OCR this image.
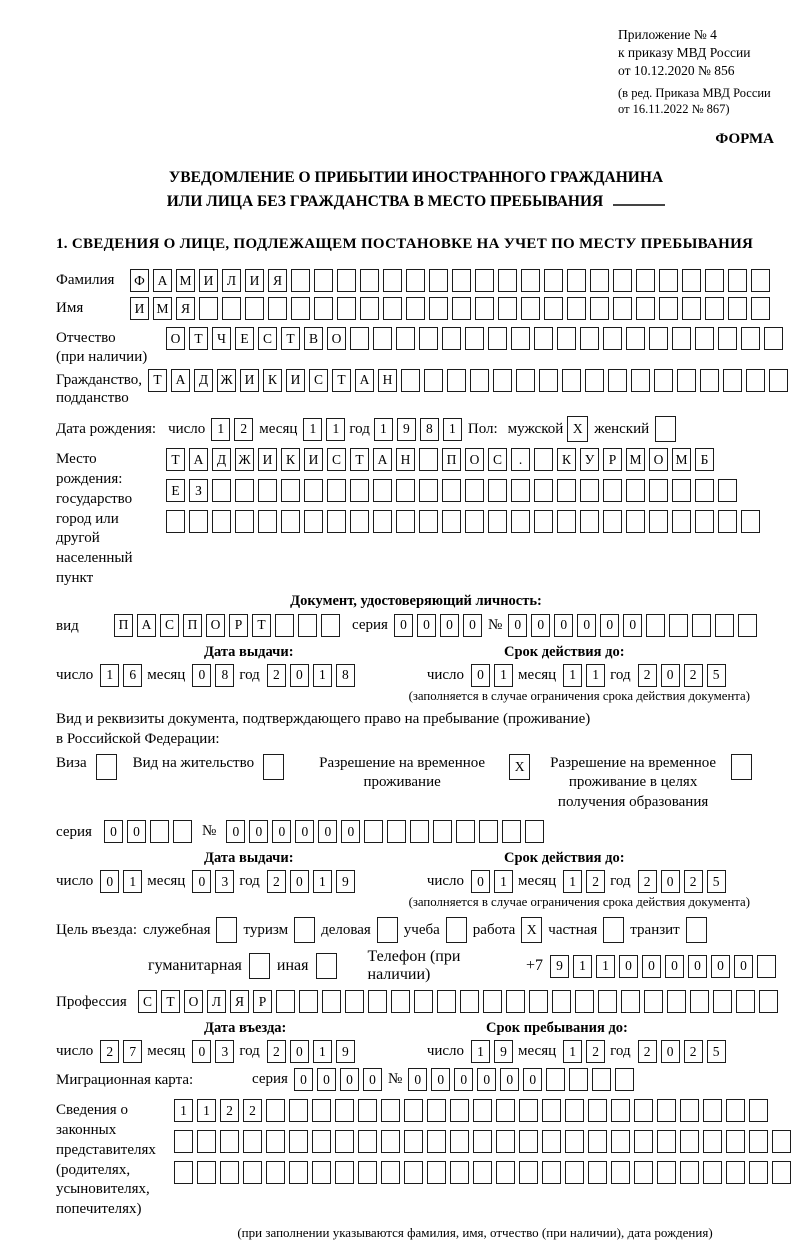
Приложение № 4
к приказу МВД России
от 10.12.2020 № 856
(в ред. Приказа МВД России
от 16.11.2022 № 867)
ФОРМА
УВЕДОМЛЕНИЕ О ПРИБЫТИИ ИНОСТРАННОГО ГРАЖДАНИНА
ИЛИ ЛИЦА БЕЗ ГРАЖДАНСТВА В МЕСТО ПРЕБЫВАНИЯ
1. СВЕДЕНИЯ О ЛИЦЕ, ПОДЛЕЖАЩЕМ ПОСТАНОВКЕ НА УЧЕТ ПО МЕСТУ ПРЕБЫВАНИЯ
Фамилия	Ф А М И	Л	И	Я
Имя	И М Я
Отчество
(при наличии)
О	Т	Ч	Е	С	Т	В	О
Гражданство,
подданство
Т	А	Д Ж И	К	И	С	Т	А Н
Дата рождения: число 1	2 месяц 1	1 год 1	9	8	1 Пол: мужской X женский
Место рождения:
государство
город или другой
населенный пункт
Т	А	Д Ж И	К	И	С	Т	А Н	П О	С	.	К	У	Р М О М Б
Е	З
Документ, удостоверяющий личность:
вид	П А	С	П О	Р	Т	серия 0	0	0	0 № 0	0	0	0	0	0
Дата выдачи:	Срок действия до:
число 1	6 месяц 0	8 год 2	0	1	8	число 0	1 месяц 1	1 год 2	0	2	5
(заполняется в случае ограничения срока действия документа)
Вид и реквизиты документа, подтверждающего право на пребывание (проживание)
в Российской Федерации:
Виза	Вид на жительство	Разрешение на временное проживание
X	Разрешение на временное проживание в целях получения образования
серия	0	0	№	0	0	0	0	0	0
Дата выдачи:	Срок действия до:
число 0	1 месяц 0	3 год 2	0	1	9	число 0	1 месяц 1	2 год 2	0	2	5
(заполняется в случае ограничения срока действия документа)
Цель въезда: служебная туризм деловая учеба работа X частная транзит
гуманитарная иная
Телефон (при наличии)
+7 9	1	1	0	0	0	0	0	0
Профессия	С	Т	О	Л	Я	Р
Дата въезда:	Срок пребывания до:
число 2	7 месяц 0	3 год 2	0	1	9	число 1	9 месяц 1	2 год 2	0	2	5
Миграционная карта:	серия 0	0	0	0 № 0	0	0	0	0	0
Сведения о законных представителях (родителях, усыновителях, попечителях)
1	1	2	2
(при заполнении указываются фамилия, имя, отчество (при наличии), дата рождения)
